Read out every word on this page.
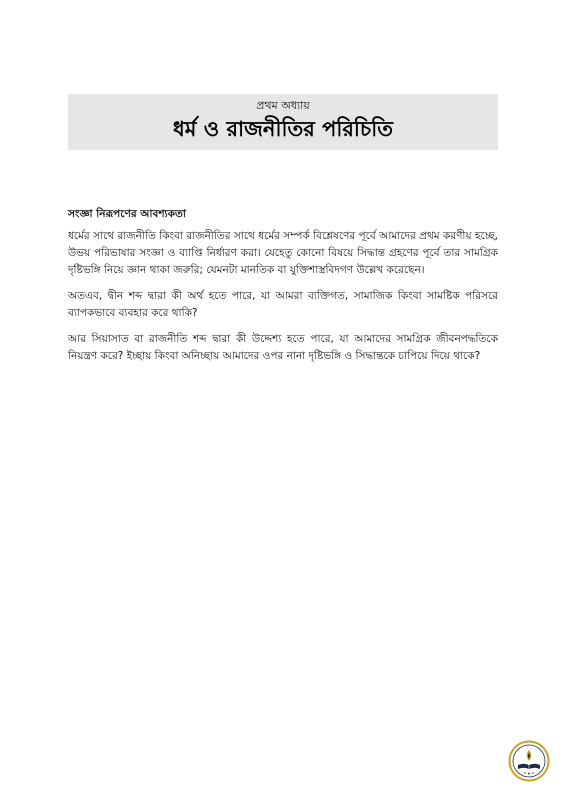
প্রথম অধ্যায়
ধর্ম ও রাজনীতির পরিচিতি

সংজ্ঞা নিরূপণের আবশ্যকতা

ধর্মের সাথে রাজনীতি কিংবা রাজনীতির সাথে ধর্মের সম্পর্ক বিশ্লেষণের পূর্বে আমাদের প্রথম করণীয় হচ্ছে, উভয় পরিভাষার সংজ্ঞা ও ব্যাপ্তি নির্ধারণ করা। যেহেতু কোনো বিষয়ে সিদ্ধান্ত গ্রহণের পূর্বে তার সামগ্রিক দৃষ্টিভঙ্গি নিয়ে জ্ঞান থাকা জরুরি; যেমনটা মানতিক বা যুক্তিশাস্ত্রবিদগণ উল্লেখ করেছেন।

অতএব, দ্বীন শব্দ দ্বারা কী অর্থ হতে পারে, যা আমরা ব্যক্তিগত, সামাজিক কিংবা সামষ্টিক পরিসরে ব্যাপকভাবে ব্যবহার করে থাকি?

আর সিয়াসাত বা রাজনীতি শব্দ দ্বারা কী উদ্দেশ্য হতে পারে, যা আমাদের সামগ্রিক জীবনপদ্ধতিকে নিয়ন্ত্রণ করে? ইচ্ছায় কিংবা অনিচ্ছায় আমাদের ওপর নানা দৃষ্টিভঙ্গি ও সিদ্ধান্তকে চাপিয়ে দিয়ে থাকে?
